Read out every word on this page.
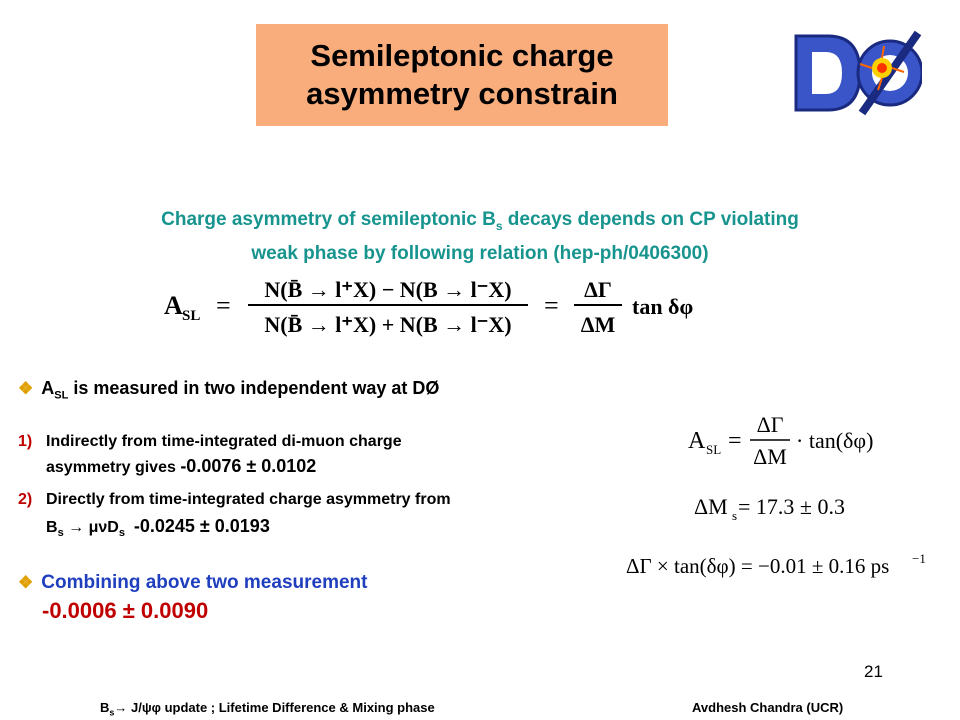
Semileptonic charge
asymmetry constrain
Charge asymmetry of semileptonic $B_s$ decays depends on CP violating
weak phase by following relation (hep-ph/0406300)
A SL =
N(B̄ → l⁺X) − N(B → l⁻X)
N(B̄ → l⁺X) + N(B → l⁻X)
=
ΔΓ
ΔM
tan δφ
❖ $A_{SL}$ is measured in two independent way at DØ
1) Indirectly from time-integrated di-muon charge
asymmetry gives -0.0076 ± 0.0102
2) Directly from time-integrated charge asymmetry from
$B_s \to \mu\nu D_s$ -0.0245 ± 0.0193
❖ Combining above two measurement
-0.0006 ± 0.0090
A SL =
ΔΓ
ΔM
· tan(δφ)
ΔM s = 17.3 ± 0.3
ΔΓ × tan(δφ) = −0.01 ± 0.16 ps −1
21
$B_s\to J/\psi\varphi$ update ; Lifetime Difference & Mixing phase	Avdhesh Chandra (UCR)
